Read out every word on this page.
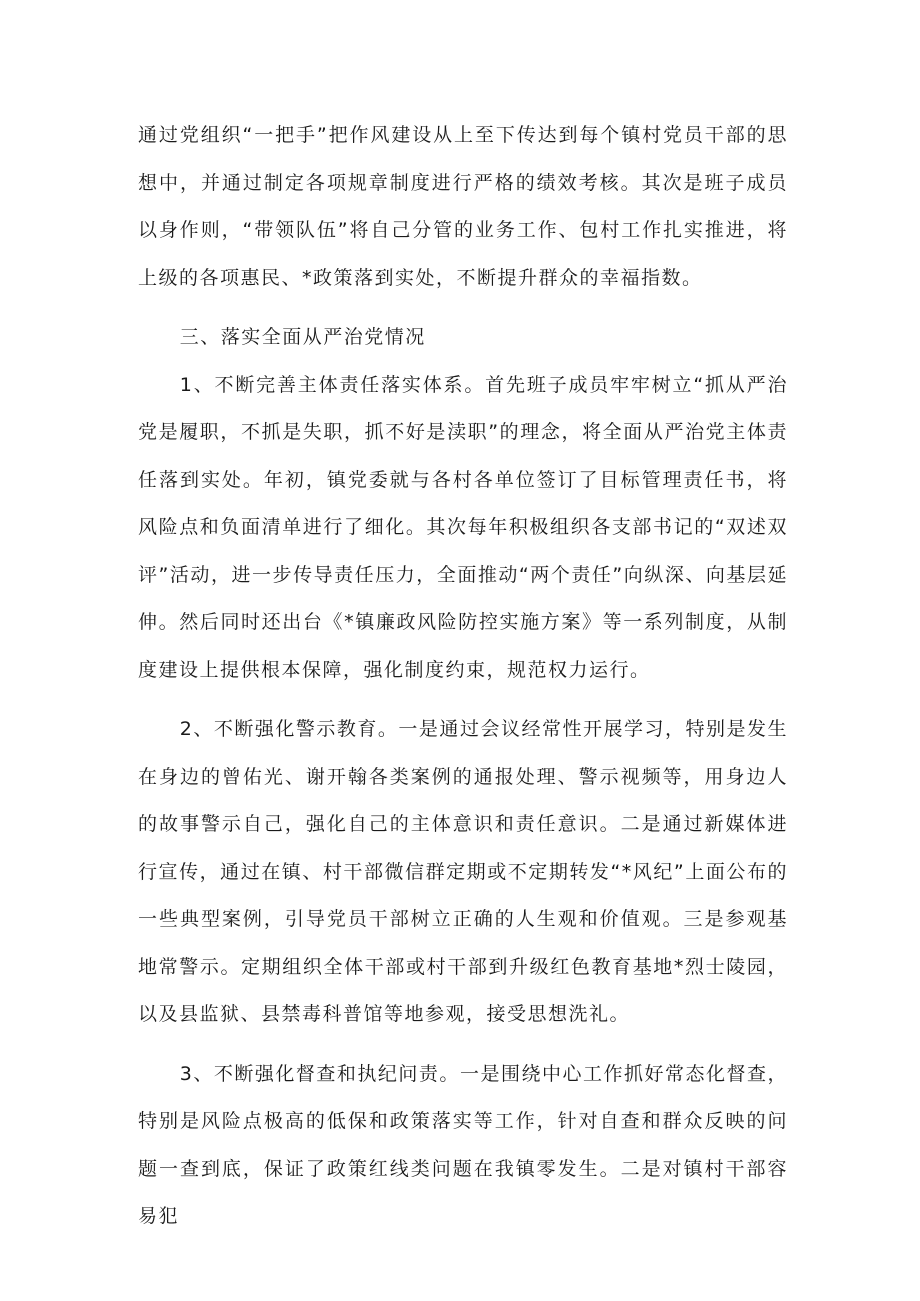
通过党组织“一把手”把作风建设从上至下传达到每个镇村党员干部的思想中，并通过制定各项规章制度进行严格的绩效考核。其次是班子成员以身作则，“带领队伍”将自己分管的业务工作、包村工作扎实推进，将上级的各项惠民、*政策落到实处，不断提升群众的幸福指数。

三、落实全面从严治党情况

1、不断完善主体责任落实体系。首先班子成员牢牢树立“抓从严治党是履职，不抓是失职，抓不好是渎职”的理念，将全面从严治党主体责任落到实处。年初，镇党委就与各村各单位签订了目标管理责任书，将风险点和负面清单进行了细化。其次每年积极组织各支部书记的“双述双评”活动，进一步传导责任压力，全面推动“两个责任”向纵深、向基层延伸。然后同时还出台《*镇廉政风险防控实施方案》等一系列制度，从制度建设上提供根本保障，强化制度约束，规范权力运行。

2、不断强化警示教育。一是通过会议经常性开展学习，特别是发生在身边的曾佑光、谢开翰各类案例的通报处理、警示视频等，用身边人的故事警示自己，强化自己的主体意识和责任意识。二是通过新媒体进行宣传，通过在镇、村干部微信群定期或不定期转发“*风纪”上面公布的一些典型案例，引导党员干部树立正确的人生观和价值观。三是参观基地常警示。定期组织全体干部或村干部到升级红色教育基地*烈士陵园，以及县监狱、县禁毒科普馆等地参观，接受思想洗礼。

3、不断强化督查和执纪问责。一是围绕中心工作抓好常态化督查，特别是风险点极高的低保和政策落实等工作，针对自查和群众反映的问题一查到底，保证了政策红线类问题在我镇零发生。二是对镇村干部容易犯
